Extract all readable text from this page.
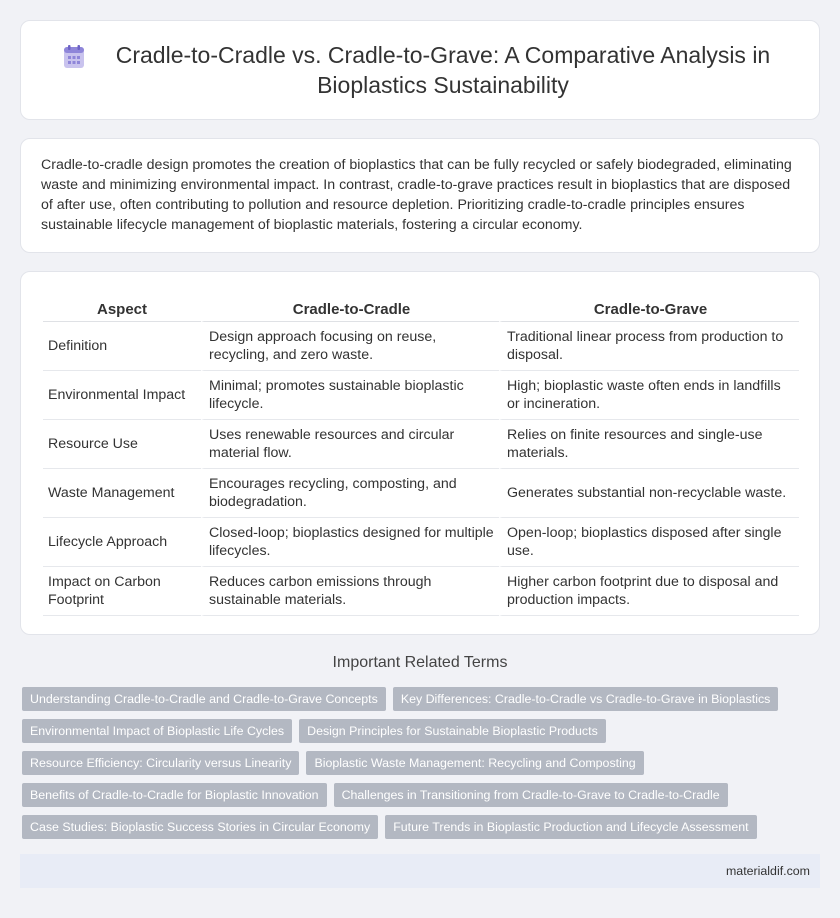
Cradle-to-Cradle vs. Cradle-to-Grave: A Comparative Analysis in Bioplastics Sustainability

Cradle-to-cradle design promotes the creation of bioplastics that can be fully recycled or safely biodegraded, eliminating waste and minimizing environmental impact. In contrast, cradle-to-grave practices result in bioplastics that are disposed of after use, often contributing to pollution and resource depletion. Prioritizing cradle-to-cradle principles ensures sustainable lifecycle management of bioplastic materials, fostering a circular economy.

Aspect	Cradle-to-Cradle	Cradle-to-Grave
Definition	Design approach focusing on reuse, recycling, and zero waste.	Traditional linear process from production to disposal.
Environmental Impact	Minimal; promotes sustainable bioplastic lifecycle.	High; bioplastic waste often ends in landfills or incineration.
Resource Use	Uses renewable resources and circular material flow.	Relies on finite resources and single-use materials.
Waste Management	Encourages recycling, composting, and biodegradation.	Generates substantial non-recyclable waste.
Lifecycle Approach	Closed-loop; bioplastics designed for multiple lifecycles.	Open-loop; bioplastics disposed after single use.
Impact on Carbon Footprint	Reduces carbon emissions through sustainable materials.	Higher carbon footprint due to disposal and production impacts.
Important Related Terms
Understanding Cradle-to-Cradle and Cradle-to-Grave Concepts	Key Differences: Cradle-to-Cradle vs Cradle-to-Grave in Bioplastics
Environmental Impact of Bioplastic Life Cycles	Design Principles for Sustainable Bioplastic Products
Resource Efficiency: Circularity versus Linearity	Bioplastic Waste Management: Recycling and Composting
Benefits of Cradle-to-Cradle for Bioplastic Innovation	Challenges in Transitioning from Cradle-to-Grave to Cradle-to-Cradle
Case Studies: Bioplastic Success Stories in Circular Economy	Future Trends in Bioplastic Production and Lifecycle Assessment
materialdif.com
